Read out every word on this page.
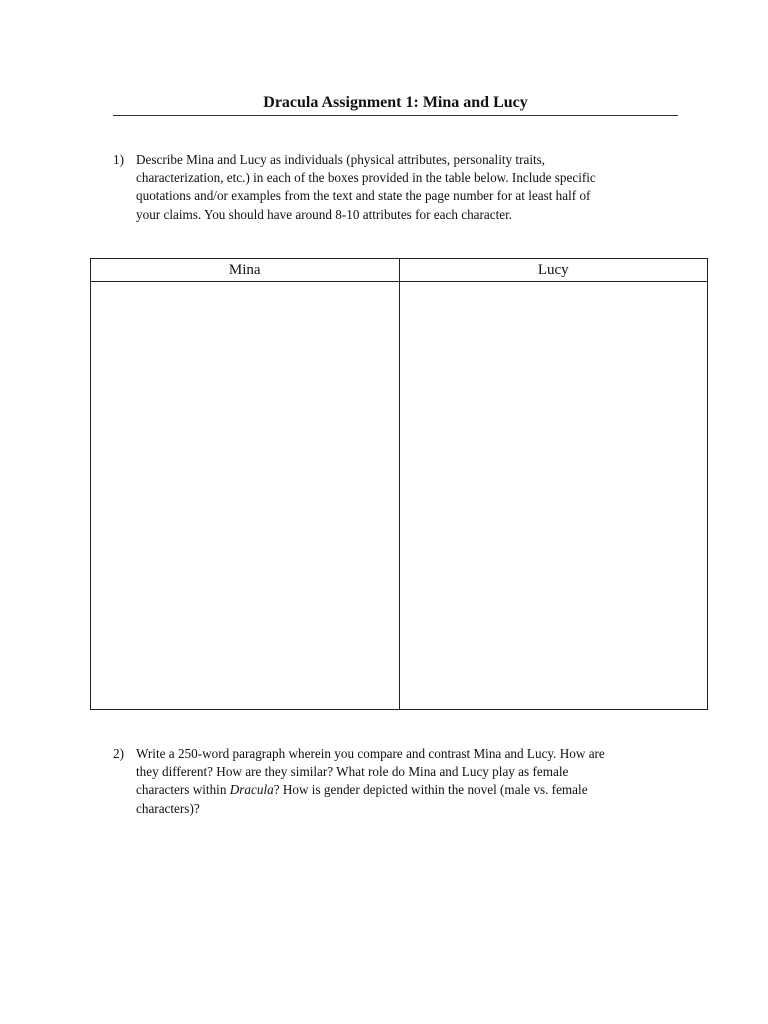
Dracula Assignment 1: Mina and Lucy
1) Describe Mina and Lucy as individuals (physical attributes, personality traits,
characterization, etc.) in each of the boxes provided in the table below. Include specific
quotations and/or examples from the text and state the page number for at least half of
your claims. You should have around 8-10 attributes for each character.
Mina	Lucy

2) Write a 250-word paragraph wherein you compare and contrast Mina and Lucy. How are
they different? How are they similar? What role do Mina and Lucy play as female
characters within Dracula? How is gender depicted within the novel (male vs. female
characters)?
